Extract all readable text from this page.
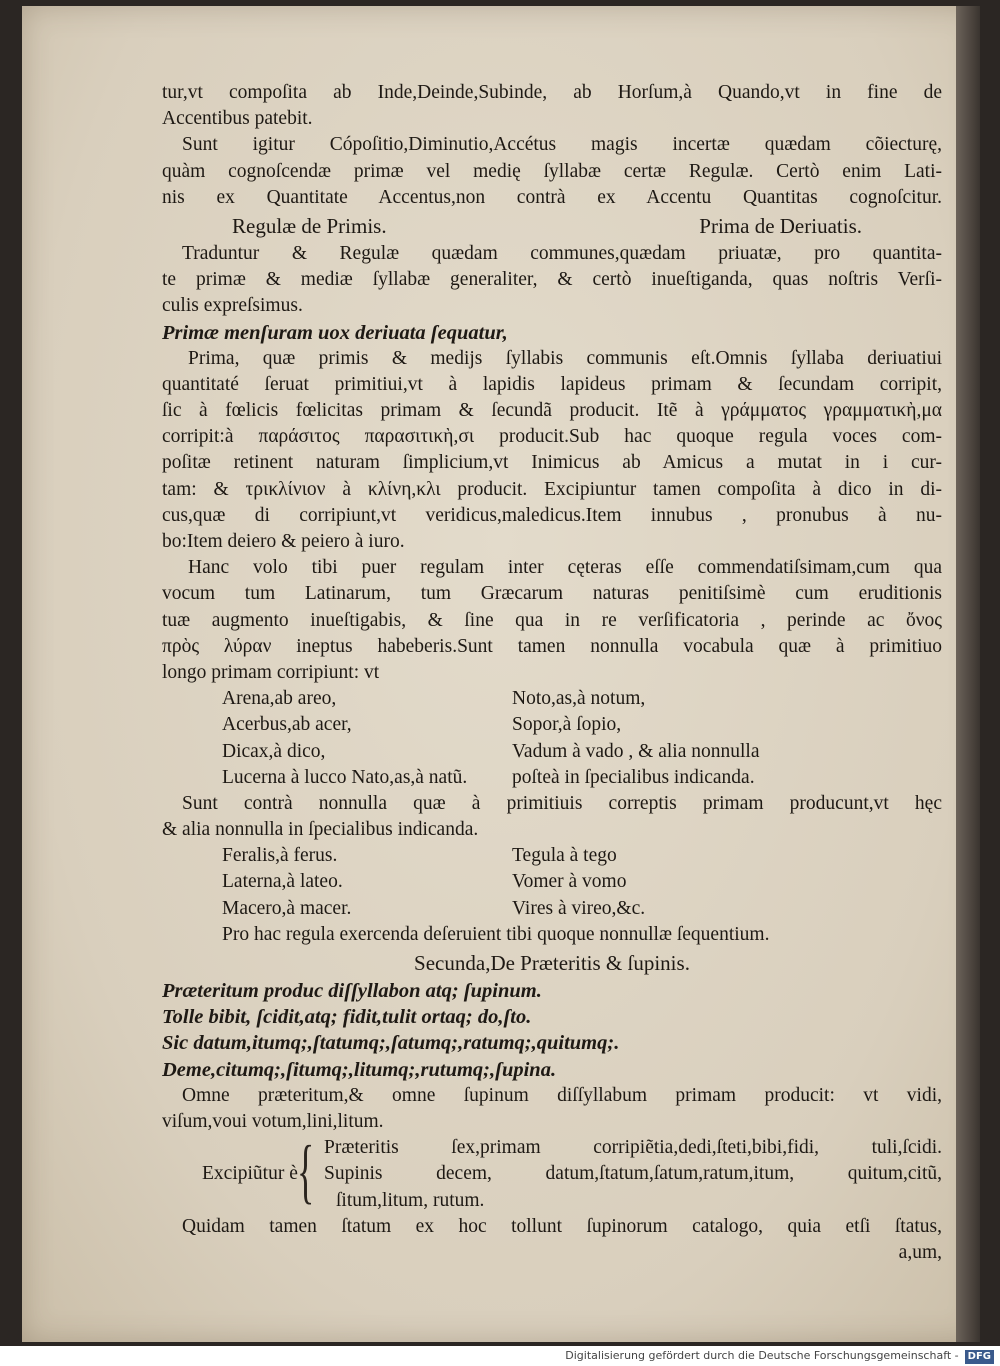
tur,vt compoſita ab Inde,Deinde,Subinde, ab Horſum,à Quando,vt in fine de
Accentibus patebit.
Sunt igitur Cópoſitio,Diminutio,Accétus magis incertæ quædam cõiecturę,
quàm cognoſcendæ primæ vel medię ſyllabæ certæ Regulæ. Certò enim Lati-
nis ex Quantitate Accentus,non contrà ex Accentu Quantitas cognoſcitur.
Regulæ de Primis.	Prima de Deriuatis.
Traduntur & Regulæ quædam communes,quædam priuatæ, pro quantita-
te primæ & mediæ ſyllabæ generaliter, & certò inueſtiganda, quas noſtris Verſi-
culis expreſsimus.
Primæ menſuram uox deriuata ſequatur,
Prima, quæ primis & medijs ſyllabis communis eſt.Omnis ſyllaba deriuatiui
quantitaté ſeruat primitiui,vt à lapidis lapideus primam & ſecundam corripit,
ſic à fœlicis fœlicitas primam & ſecundã producit. Itẽ à γράμματος γραμματικὴ,μα
corripit:à παράσιτος παρασιτικὴ,σι producit.Sub hac quoque regula voces com-
poſitæ retinent naturam ſimplicium,vt Inimicus ab Amicus a mutat in i cur-
tam: & τρικλίνιον à κλίνη,κλι producit. Excipiuntur tamen compoſita à dico in di-
cus,quæ di corripiunt,vt veridicus,maledicus.Item innubus , pronubus à nu-
bo:Item deiero & peiero à iuro.
Hanc volo tibi puer regulam inter cęteras eſſe commendatiſsimam,cum qua
vocum tum Latinarum, tum Græcarum naturas penitiſsimè cum eruditionis
tuæ augmento inueſtigabis, & ſine qua in re verſificatoria , perinde ac ὄνος
πρὸς λύραν ineptus habeberis.Sunt tamen nonnulla vocabula quæ à primitiuo
longo primam corripiunt: vt
Arena,ab areo,	Noto,as,à notum,
Acerbus,ab acer,	Sopor,à ſopio,
Dicax,à dico,	Vadum à vado , & alia nonnulla
Lucerna à lucco Nato,as,à natũ.	poſteà in ſpecialibus indicanda.
Sunt contrà nonnulla quæ à primitiuis correptis primam producunt,vt hęc
& alia nonnulla in ſpecialibus indicanda.
Feralis,à ferus.	Tegula à tego
Laterna,à lateo.	Vomer à vomo
Macero,à macer.	Vires à vireo,&c.
Pro hac regula exercenda deſeruient tibi quoque nonnullæ ſequentium.
Secunda,De Præteritis & ſupinis.
Præteritum produc diſſyllabon atq; ſupinum.
Tolle bibit, ſcidit,atq; fidit,tulit ortaq; do,ſto.
Sic datum,itumq;,ſtatumq;,ſatumq;,ratumq;,quitumq;.
Deme,citumq;,ſitumq;,litumq;,rutumq;,ſupina.
Omne præteritum,& omne ſupinum diſſyllabum primam producit: vt vidi,
viſum,voui votum,lini,litum.
Excipiũtur è { Præteritis ſex,primam corripiẽtia,dedi,ſteti,bibi,fidi, tuli,ſcidi.
Supinis decem, datum,ſtatum,ſatum,ratum,itum, quitum,citũ,
ſitum,litum, rutum.
Quidam tamen ſtatum ex hoc tollunt ſupinorum catalogo, quia etſi ſtatus,
a,um,
Digitalisierung gefördert durch die Deutsche Forschungsgemeinschaft - DFG
